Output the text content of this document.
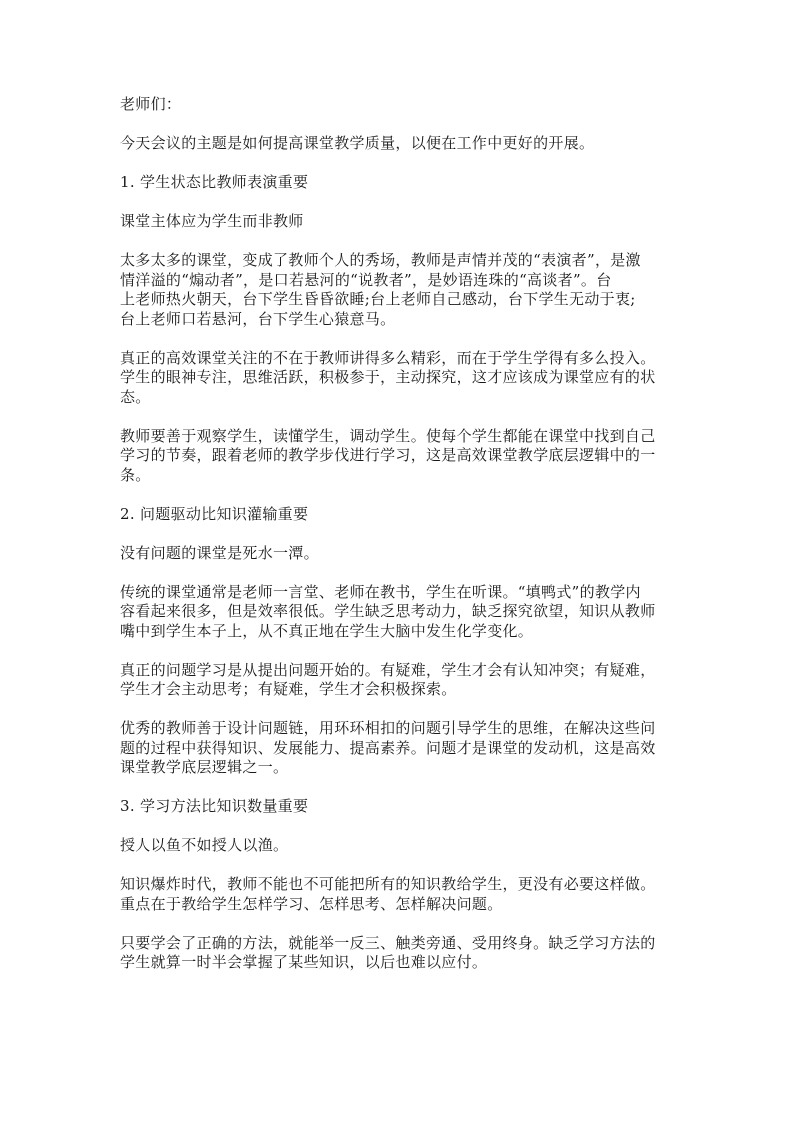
老师们：

今天会议的主题是如何提高课堂教学质量，以便在工作中更好的开展。

1. 学生状态比教师表演重要

课堂主体应为学生而非教师

太多太多的课堂，变成了教师个人的秀场，教师是声情并茂的“表演者”，是激
情洋溢的“煽动者”，是口若悬河的“说教者”，是妙语连珠的“高谈者”。台
上老师热火朝天，台下学生昏昏欲睡;台上老师自己感动，台下学生无动于衷;
台上老师口若悬河，台下学生心猿意马。

真正的高效课堂关注的不在于教师讲得多么精彩，而在于学生学得有多么投入。
学生的眼神专注，思维活跃，积极参于，主动探究，这才应该成为课堂应有的状
态。

教师要善于观察学生，读懂学生，调动学生。使每个学生都能在课堂中找到自己
学习的节奏，跟着老师的教学步伐进行学习，这是高效课堂教学底层逻辑中的一
条。

2. 问题驱动比知识灌输重要

没有问题的课堂是死水一潭。

传统的课堂通常是老师一言堂、老师在教书，学生在听课。“填鸭式”的教学内
容看起来很多，但是效率很低。学生缺乏思考动力，缺乏探究欲望，知识从教师
嘴中到学生本子上，从不真正地在学生大脑中发生化学变化。

真正的问题学习是从提出问题开始的。有疑难，学生才会有认知冲突；有疑难，
学生才会主动思考；有疑难，学生才会积极探索。

优秀的教师善于设计问题链，用环环相扣的问题引导学生的思维，在解决这些问
题的过程中获得知识、发展能力、提高素养。问题才是课堂的发动机，这是高效
课堂教学底层逻辑之一。

3. 学习方法比知识数量重要

授人以鱼不如授人以渔。

知识爆炸时代，教师不能也不可能把所有的知识教给学生，更没有必要这样做。
重点在于教给学生怎样学习、怎样思考、怎样解决问题。

只要学会了正确的方法，就能举一反三、触类旁通、受用终身。缺乏学习方法的
学生就算一时半会掌握了某些知识，以后也难以应付。
